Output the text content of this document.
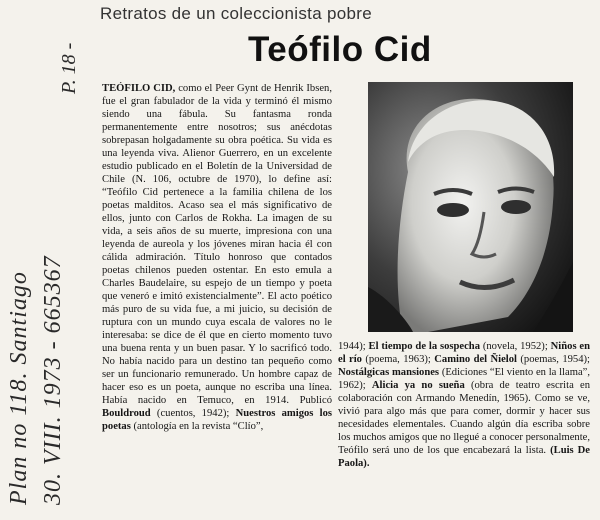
Plan no 118. Santiago 30. VIII. 1973 - 665367
P. 18 -
Retratos de un coleccionista pobre
Teófilo Cid
TEÓFILO CID, como el Peer Gynt de Henrik Ibsen, fue el gran fabulador de la vida y terminó él mismo siendo una fábula. Su fantasma ronda permanentemente entre nosotros; sus anécdotas sobrepasan holgadamente su obra poética. Su vida es una leyenda viva. Alienor Guerrero, en un excelente estudio publicado en el Boletín de la Universidad de Chile (N. 106, octubre de 1970), lo define así: “Teófilo Cid pertenece a la familia chilena de los poetas malditos. Acaso sea el más significativo de ellos, junto con Carlos de Rokha. La imagen de su vida, a seis años de su muerte, impresiona con una leyenda de aureola y los jóvenes miran hacia él con cálida admiración. Título honroso que contados poetas chilenos pueden ostentar. En esto emula a Charles Baudelaire, su espejo de un tiempo y poeta que veneró e imitó existencialmente”. El acto poético más puro de su vida fue, a mi juicio, su decisión de ruptura con un mundo cuya escala de valores no le interesaba: se dice de él que en cierto momento tuvo una buena renta y un buen pasar. Y lo sacrificó todo. No había nacido para un destino tan pequeño como ser un funcionario remunerado. Un hombre capaz de hacer eso es un poeta, aunque no escriba una línea. Había nacido en Temuco, en 1914. Publicó Bouldroud (cuentos, 1942); Nuestros amigos los poetas (antología en la revista “Clío”,
1944); El tiempo de la sospecha (novela, 1952); Niños en el río (poema, 1963); Camino del Ñielol (poemas, 1954); Nostálgicas mansiones (Ediciones “El viento en la llama”, 1962); Alicia ya no sueña (obra de teatro escrita en colaboración con Armando Menedín, 1965). Como se ve, vivió para algo más que para comer, dormir y hacer sus necesidades elementales. Cuando algún día escriba sobre los muchos amigos que no llegué a conocer personalmente, Teófilo será uno de los que encabezará la lista. (Luis De Paola).
